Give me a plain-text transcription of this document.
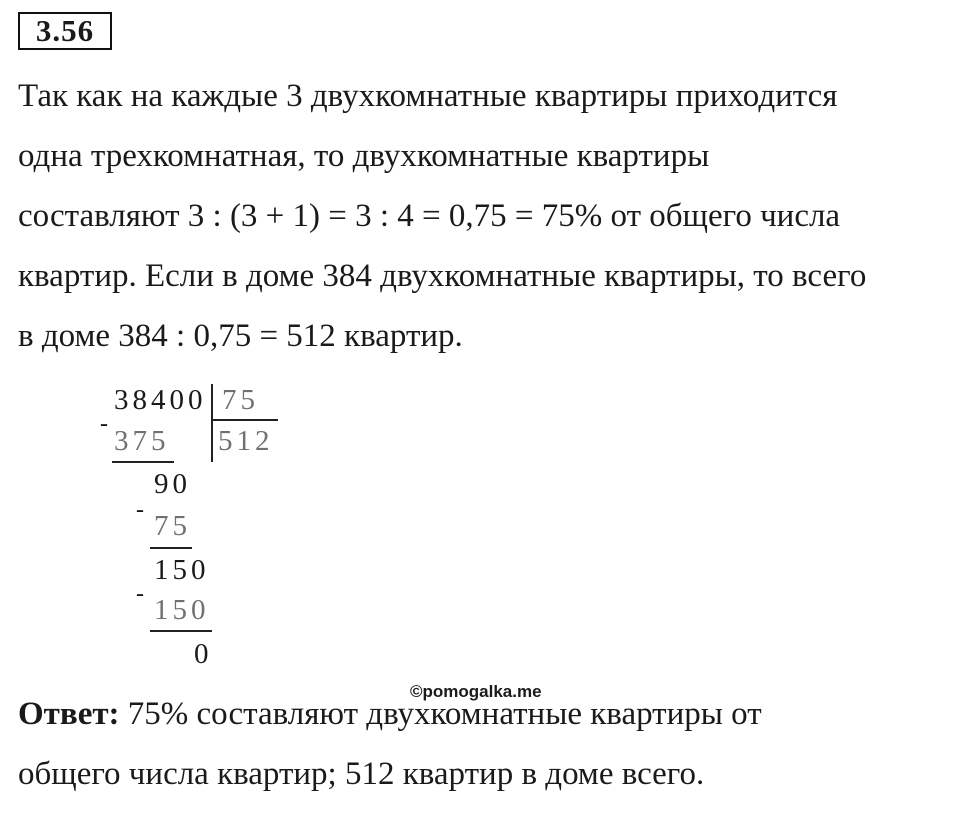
3.56
Так как на каждые 3 двухкомнатные квартиры приходится
одна трехкомнатная, то двухкомнатные квартиры
составляют 3 : (3 + 1) = 3 : 4 = 0,75 = 75% от общего числа
квартир. Если в доме 384 двухкомнатные квартиры, то всего
в доме 384 : 0,75 = 512 квартир.
38400 75
512
-
375
90
- 75
150
- 150
0
©pomogalka.me
Ответ: 75% составляют двухкомнатные квартиры от
общего числа квартир; 512 квартир в доме всего.
